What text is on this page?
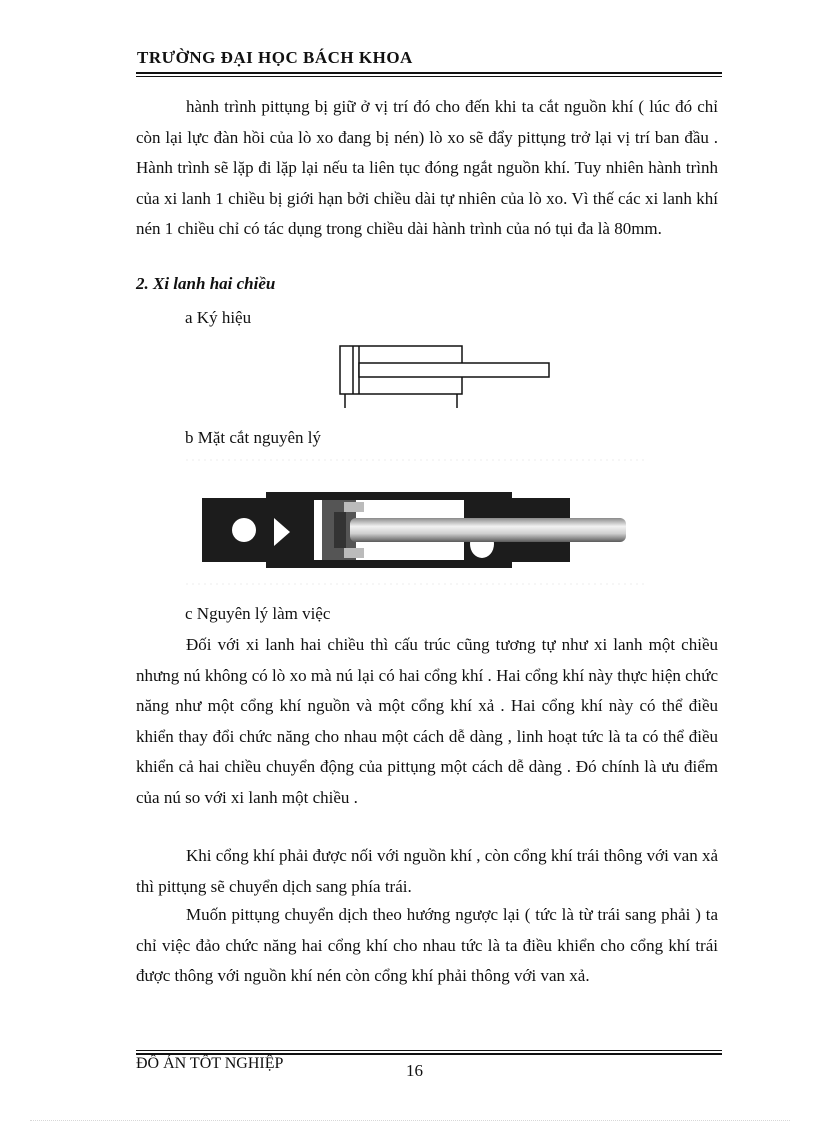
TRƯỜNG ĐẠI HỌC BÁCH KHOA

hành trình pittụng bị giữ ở vị trí đó cho đến khi ta cắt nguồn khí ( lúc đó chỉ còn lại lực đàn hồi của lò xo đang bị nén) lò xo sẽ đẩy pittụng trở lại vị trí ban đầu . Hành trình sẽ lặp đi lặp lại nếu ta liên tục đóng ngắt nguồn khí. Tuy nhiên hành trình của xi lanh 1 chiều bị giới hạn bởi chiều dài tự nhiên của lò xo. Vì thế các xi lanh khí nén 1 chiều chỉ có tác dụng trong chiều dài hành trình của nó tụi đa là 80mm.

2. Xi lanh hai chiều
a Ký hiệu
b Mặt cắt nguyên lý
c Nguyên lý làm việc

Đối với xi lanh hai chiều thì cấu trúc cũng tương tự như xi lanh một chiều nhưng nú không có lò xo mà nú lại có hai cổng khí . Hai cổng khí này thực hiện chức năng như một cổng khí nguồn và một cổng khí xả . Hai cổng khí này có thể điều khiển thay đổi chức năng cho nhau một cách dễ dàng , linh hoạt tức là ta có thể điều khiển cả hai chiều chuyển động của pittụng một cách dễ dàng . Đó chính là ưu điểm của nú so với xi lanh một chiều .

Khi cổng khí phải được nối với nguồn khí , còn cổng khí trái thông với van xả thì pittụng sẽ chuyển dịch sang phía trái.

Muốn pittụng chuyển dịch theo hướng ngược lại ( tức là từ trái sang phải ) ta chỉ việc đảo chức năng hai cổng khí cho nhau tức là ta điều khiển cho cổng khí trái được thông với nguồn khí nén còn cổng khí phải thông với van xả.

ĐỒ ÁN TỐT NGHIỆP	16
